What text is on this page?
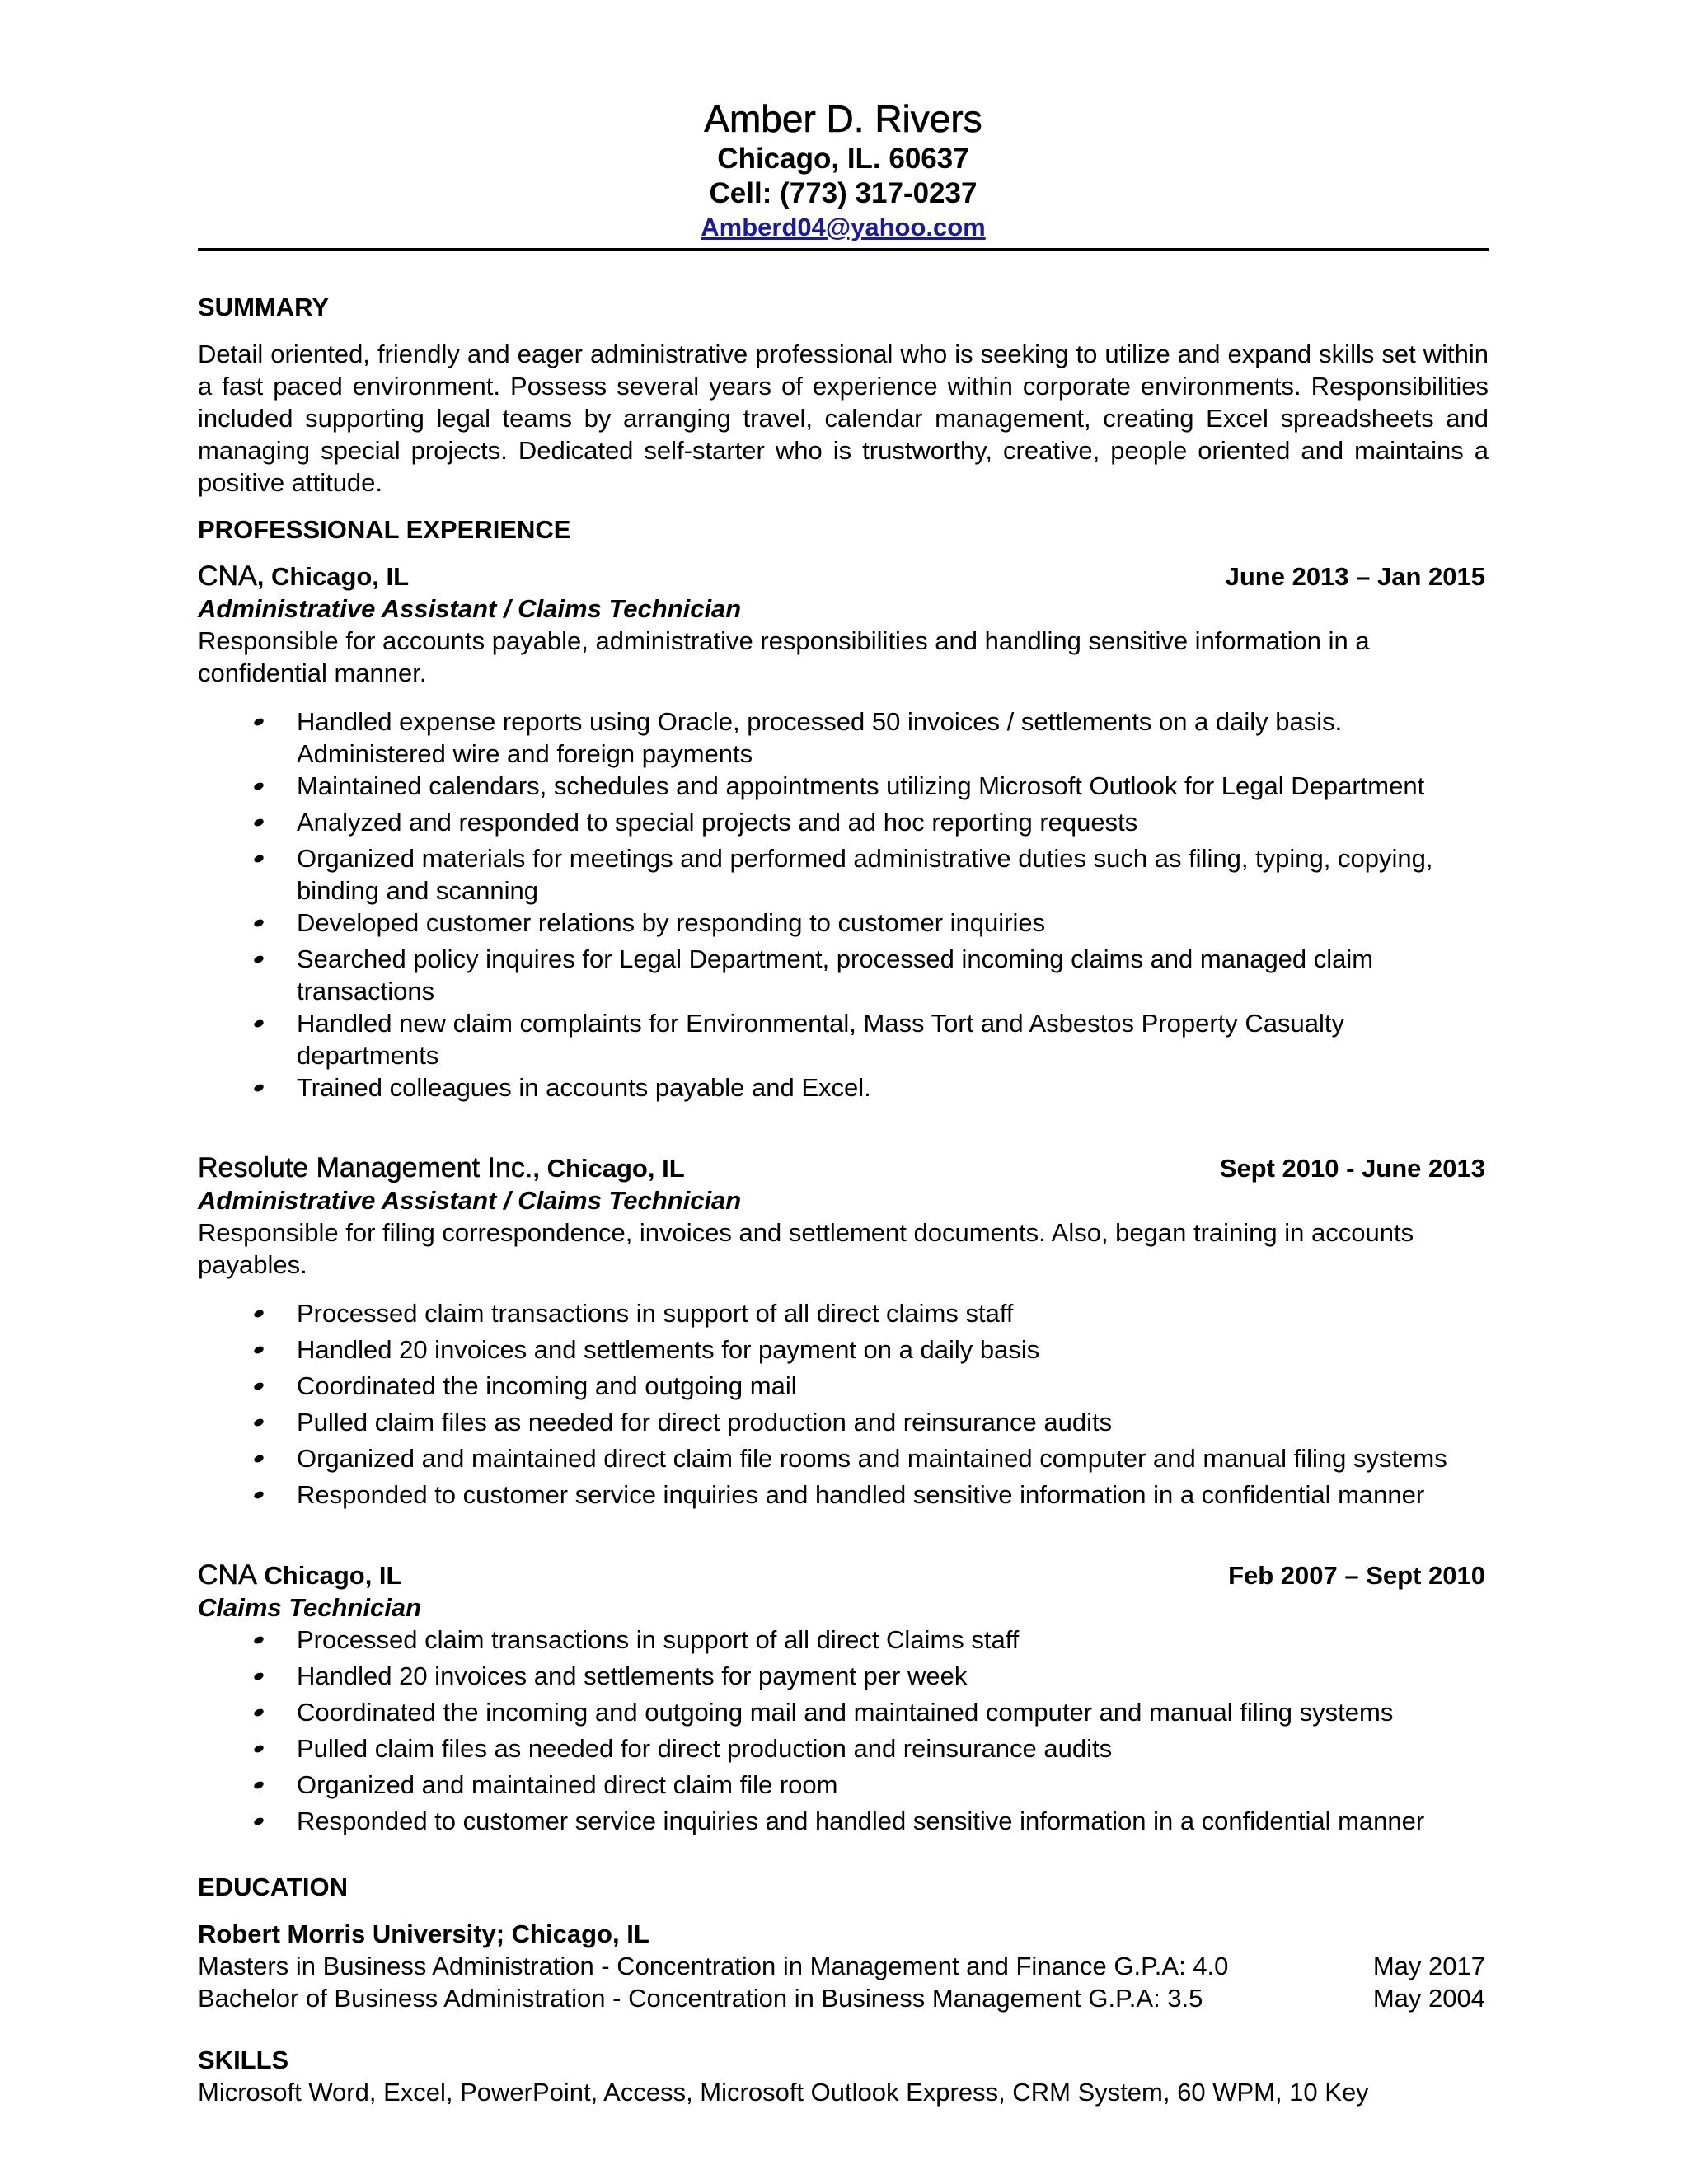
Amber D. Rivers
Chicago, IL. 60637
Cell: (773) 317-0237
Amberd04@yahoo.com
SUMMARY
Detail oriented, friendly and eager administrative professional who is seeking to utilize and expand skills set within a fast paced environment. Possess several years of experience within corporate environments. Responsibilities included supporting legal teams by arranging travel, calendar management, creating Excel spreadsheets and managing special projects. Dedicated self-starter who is trustworthy, creative, people oriented and maintains a positive attitude.
PROFESSIONAL EXPERIENCE
CNA, Chicago, IL	June 2013 – Jan 2015
Administrative Assistant / Claims Technician
Responsible for accounts payable, administrative responsibilities and handling sensitive information in a confidential manner.
Handled expense reports using Oracle, processed 50 invoices / settlements on a daily basis. Administered wire and foreign payments
Maintained calendars, schedules and appointments utilizing Microsoft Outlook for Legal Department
Analyzed and responded to special projects and ad hoc reporting requests
Organized materials for meetings and performed administrative duties such as filing, typing, copying, binding and scanning
Developed customer relations by responding to customer inquiries
Searched policy inquires for Legal Department, processed incoming claims and managed claim transactions
Handled new claim complaints for Environmental, Mass Tort and Asbestos Property Casualty departments
Trained colleagues in accounts payable and Excel.
Resolute Management Inc., Chicago, IL	Sept 2010 - June 2013
Administrative Assistant / Claims Technician
Responsible for filing correspondence, invoices and settlement documents. Also, began training in accounts payables.
Processed claim transactions in support of all direct claims staff
Handled 20 invoices and settlements for payment on a daily basis
Coordinated the incoming and outgoing mail
Pulled claim files as needed for direct production and reinsurance audits
Organized and maintained direct claim file rooms and maintained computer and manual filing systems
Responded to customer service inquiries and handled sensitive information in a confidential manner
CNA Chicago, IL	Feb 2007 – Sept 2010
Claims Technician
Processed claim transactions in support of all direct Claims staff
Handled 20 invoices and settlements for payment per week
Coordinated the incoming and outgoing mail and maintained computer and manual filing systems
Pulled claim files as needed for direct production and reinsurance audits
Organized and maintained direct claim file room
Responded to customer service inquiries and handled sensitive information in a confidential manner
EDUCATION
Robert Morris University; Chicago, IL
Masters in Business Administration - Concentration in Management and Finance G.P.A: 4.0	May 2017
Bachelor of Business Administration - Concentration in Business Management G.P.A: 3.5	May 2004
SKILLS
Microsoft Word, Excel, PowerPoint, Access, Microsoft Outlook Express, CRM System, 60 WPM, 10 Key
